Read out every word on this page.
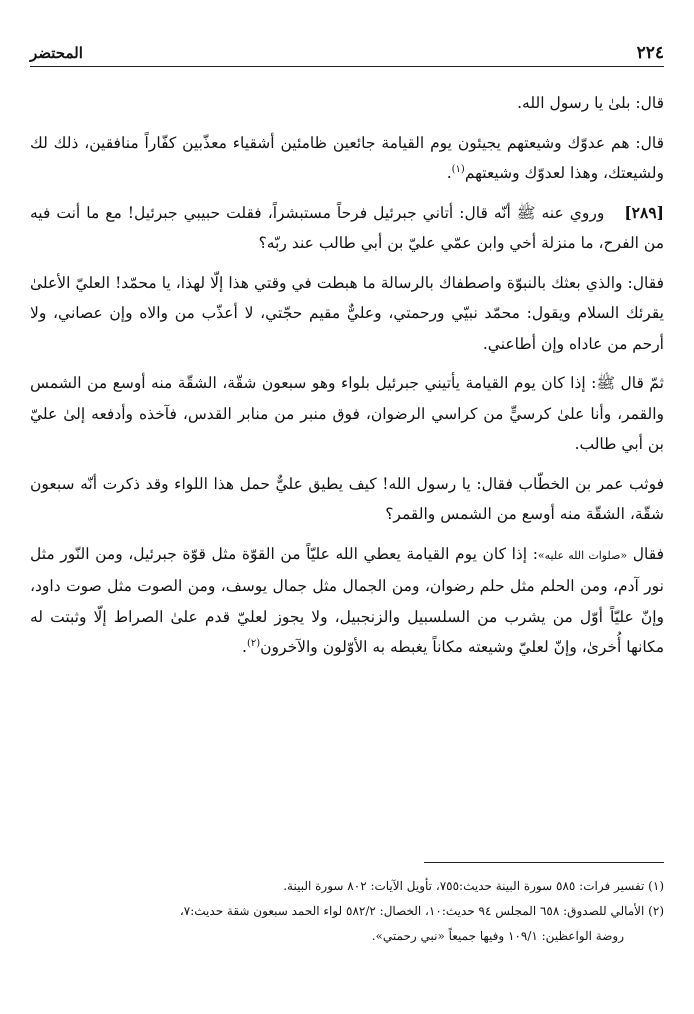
المحتضر	٢٢٤

قال: بلىٰ يا رسول الله.

قال: هم عدوّك وشيعتهم يجيئون يوم القيامة جائعين ظامئين أشقياء معذّبين كفّاراً منافقين، ذلك لك ولشيعتك، وهذا لعدوّك وشيعتهم$^{(١)}$.

[٢٨٩]وروي عنه ﷺ أنّه قال: أتاني جبرئيل فرحاً مستبشراً، فقلت حبيبي جبرئيل! مع ما أنت فيه من الفرح، ما منزلة أخي وابن عمّي عليّ بن أبي طالب عند ربّه؟

فقال: والذي بعثك بالنبوّة واصطفاك بالرسالة ما هبطت في وقتي هذا إلّا لهذا، يا محمّد! العليّ الأعلىٰ يقرئك السلام ويقول: محمّد نبيّي ورحمتي، وعليٌّ مقيم حجّتي، لا أعذّب من والاه وإن عصاني، ولا أرحم من عاداه وإن أطاعني.

ثمّ قال ﷺ: إذا كان يوم القيامة يأتيني جبرئيل بلواء وهو سبعون شقّة، الشقّة منه أوسع من الشمس والقمر، وأنا علىٰ كرسيٍّ من كراسي الرضوان، فوق منبر من منابر القدس، فآخذه وأدفعه إلىٰ عليّ بن أبي طالب.

فوثب عمر بن الخطّاب فقال: يا رسول الله! كيف يطيق عليٌّ حمل هذا اللواء وقد ذكرت أنّه سبعون شقّة، الشقّة منه أوسع من الشمس والقمر؟

فقال «صلوات الله عليه»: إذا كان يوم القيامة يعطي الله عليّاً من القوّة مثل قوّة جبرئيل، ومن النّور مثل نور آدم، ومن الحلم مثل حلم رضوان، ومن الجمال مثل جمال يوسف، ومن الصوت مثل صوت داود، وإنّ عليّاً أوّل من يشرب من السلسبيل والزنجبيل، ولا يجوز لعليّ قدم علىٰ الصراط إلّا وثبتت له مكانها أُخرىٰ، وإنّ لعليّ وشيعته مكاناً يغبطه به الأوّلون والآخرون$^{(٢)}$.

(١) تفسير فرات: ٥٨٥ سورة البينة حديث:٧٥٥، تأويل الآيات: ٨٠٢ سورة البينة.

(٢) الأمالي للصدوق: ٦٥٨ المجلس ٩٤ حديث:١٠، الخصال: ٥٨٢/٢ لواء الحمد سبعون شقة حديث:٧،

روضة الواعظين: ١٠٩/١ وفيها جميعاً «نبي رحمتي».
